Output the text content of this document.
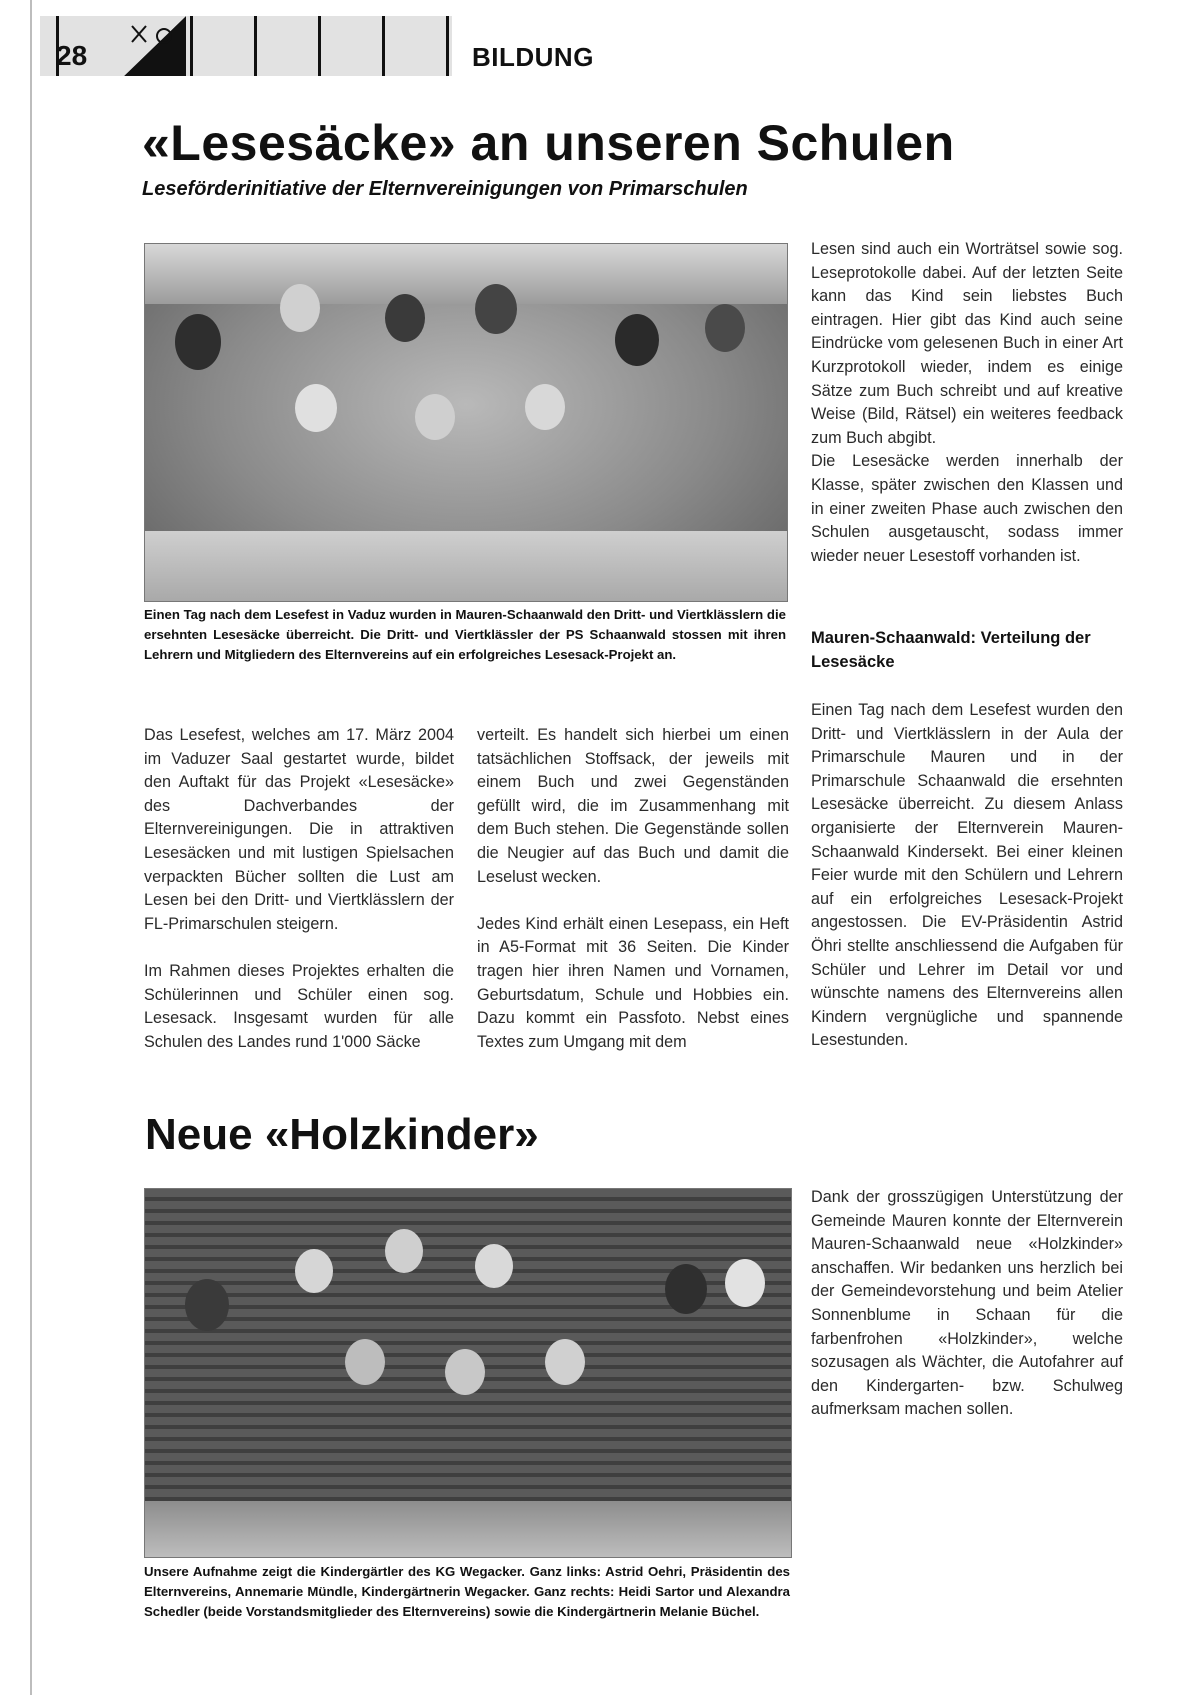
28	BILDUNG
«Lesesäcke» an unseren Schulen
Leseförderinitiative der Elternvereinigungen von Primarschulen

Einen Tag nach dem Lesefest in Vaduz wurden in Mauren-Schaanwald den Dritt- und Viertklässlern die ersehnten Lesesäcke überreicht. Die Dritt- und Viertklässler der PS Schaanwald stossen mit ihren Lehrern und Mitgliedern des Elternvereins auf ein erfolgreiches Lesesack-Projekt an.

Das Lesefest, welches am 17. März 2004 im Vaduzer Saal gestartet wurde, bildet den Auftakt für das Projekt «Lesesäcke» des Dachverbandes der Elternvereinigungen. Die in attraktiven Lesesäcken und mit lustigen Spielsachen verpackten Bücher sollten die Lust am Lesen bei den Dritt- und Viertklässlern der FL-Primarschulen steigern.

Im Rahmen dieses Projektes erhalten die Schülerinnen und Schüler einen sog. Lesesack. Insgesamt wurden für alle Schulen des Landes rund 1'000 Säcke

verteilt. Es handelt sich hierbei um einen tatsächlichen Stoffsack, der jeweils mit einem Buch und zwei Gegenständen gefüllt wird, die im Zusammenhang mit dem Buch stehen. Die Gegenstände sollen die Neugier auf das Buch und damit die Leselust wecken.

Jedes Kind erhält einen Lesepass, ein Heft in A5-Format mit 36 Seiten. Die Kinder tragen hier ihren Namen und Vornamen, Geburtsdatum, Schule und Hobbies ein. Dazu kommt ein Passfoto. Nebst eines Textes zum Umgang mit dem

Lesen sind auch ein Worträtsel sowie sog. Leseprotokolle dabei. Auf der letzten Seite kann das Kind sein liebstes Buch eintragen. Hier gibt das Kind auch seine Eindrücke vom gelesenen Buch in einer Art Kurzprotokoll wieder, indem es einige Sätze zum Buch schreibt und auf kreative Weise (Bild, Rätsel) ein weiteres feedback zum Buch abgibt.

Die Lesesäcke werden innerhalb der Klasse, später zwischen den Klassen und in einer zweiten Phase auch zwischen den Schulen ausgetauscht, sodass immer wieder neuer Lesestoff vorhanden ist.

Mauren-Schaanwald: Verteilung der Lesesäcke

Einen Tag nach dem Lesefest wurden den Dritt- und Viertklässlern in der Aula der Primarschule Mauren und in der Primarschule Schaanwald die ersehnten Lesesäcke überreicht. Zu diesem Anlass organisierte der Elternverein Mauren-Schaanwald Kindersekt. Bei einer kleinen Feier wurde mit den Schülern und Lehrern auf ein erfolgreiches Lesesack-Projekt angestossen. Die EV-Präsidentin Astrid Öhri stellte anschliessend die Aufgaben für Schüler und Lehrer im Detail vor und wünschte namens des Elternvereins allen Kindern vergnügliche und spannende Lesestunden.

Neue «Holzkinder»

Unsere Aufnahme zeigt die Kindergärtler des KG Wegacker. Ganz links: Astrid Oehri, Präsidentin des Elternvereins, Annemarie Mündle, Kindergärtnerin Wegacker. Ganz rechts: Heidi Sartor und Alexandra Schedler (beide Vorstandsmitglieder des Elternvereins) sowie die Kindergärtnerin Melanie Büchel.

Dank der grosszügigen Unterstützung der Gemeinde Mauren konnte der Elternverein Mauren-Schaanwald neue «Holzkinder» anschaffen. Wir bedanken uns herzlich bei der Gemeindevorstehung und beim Atelier Sonnenblume in Schaan für die farbenfrohen «Holzkinder», welche sozusagen als Wächter, die Autofahrer auf den Kindergarten- bzw. Schulweg aufmerksam machen sollen.
